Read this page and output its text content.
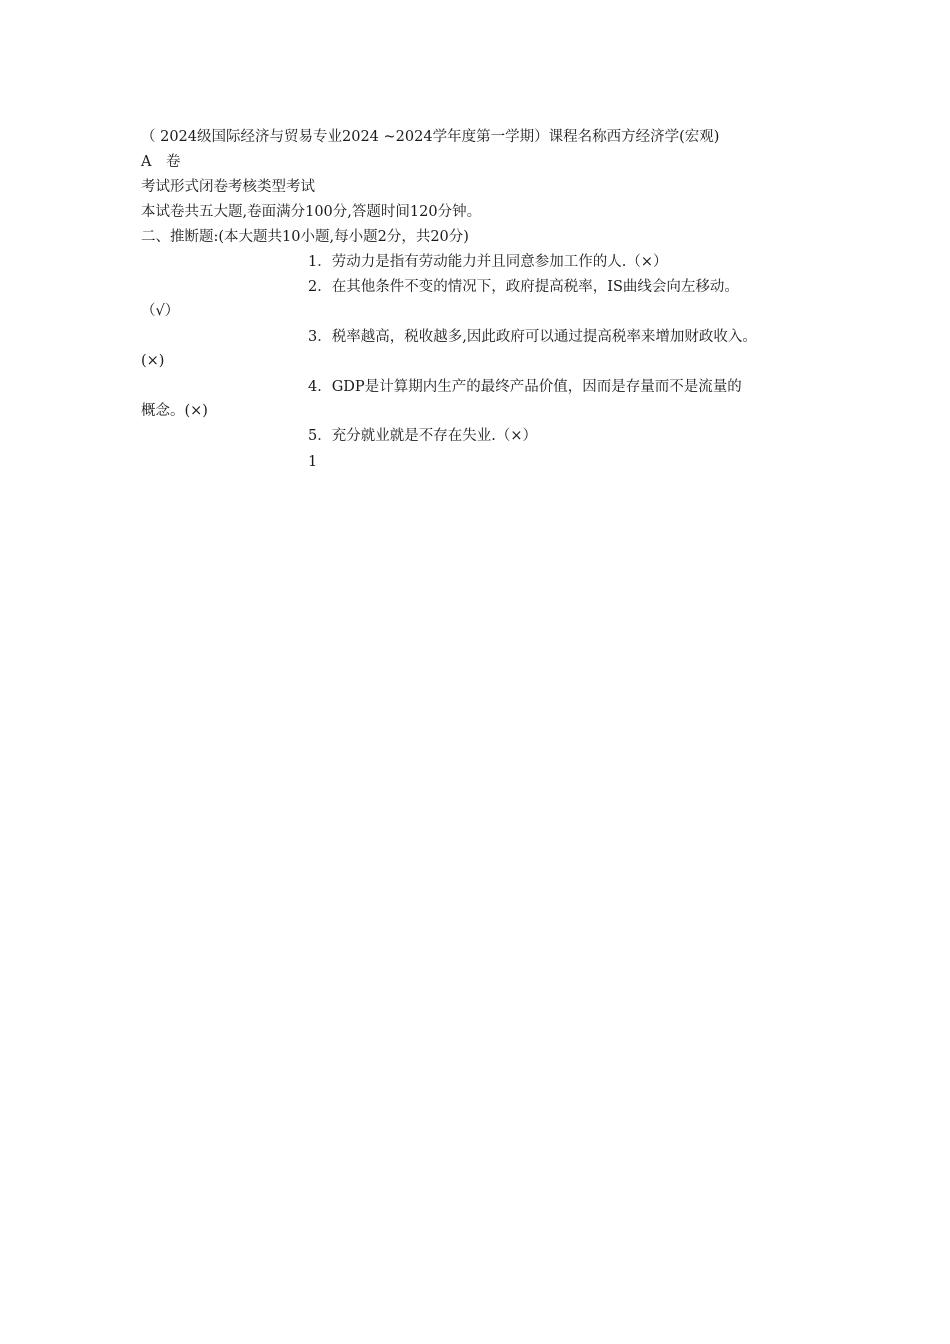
（ 2024级国际经济与贸易专业2024 ~2024学年度第一学期）课程名称西方经济学(宏观)
A　卷
考试形式闭卷考核类型考试
本试卷共五大题,卷面满分100分,答题时间120分钟。
二、推断题:(本大题共10小题,每小题2分，共20分)
1．劳动力是指有劳动能力并且同意参加工作的人.（×）
2．在其他条件不变的情况下，政府提高税率，IS曲线会向左移动。
（√）
3．税率越高，税收越多,因此政府可以通过提高税率来增加财政收入。
(×)
4．GDP是计算期内生产的最终产品价值，因而是存量而不是流量的
概念。(×)
5．充分就业就是不存在失业.（×）
1
